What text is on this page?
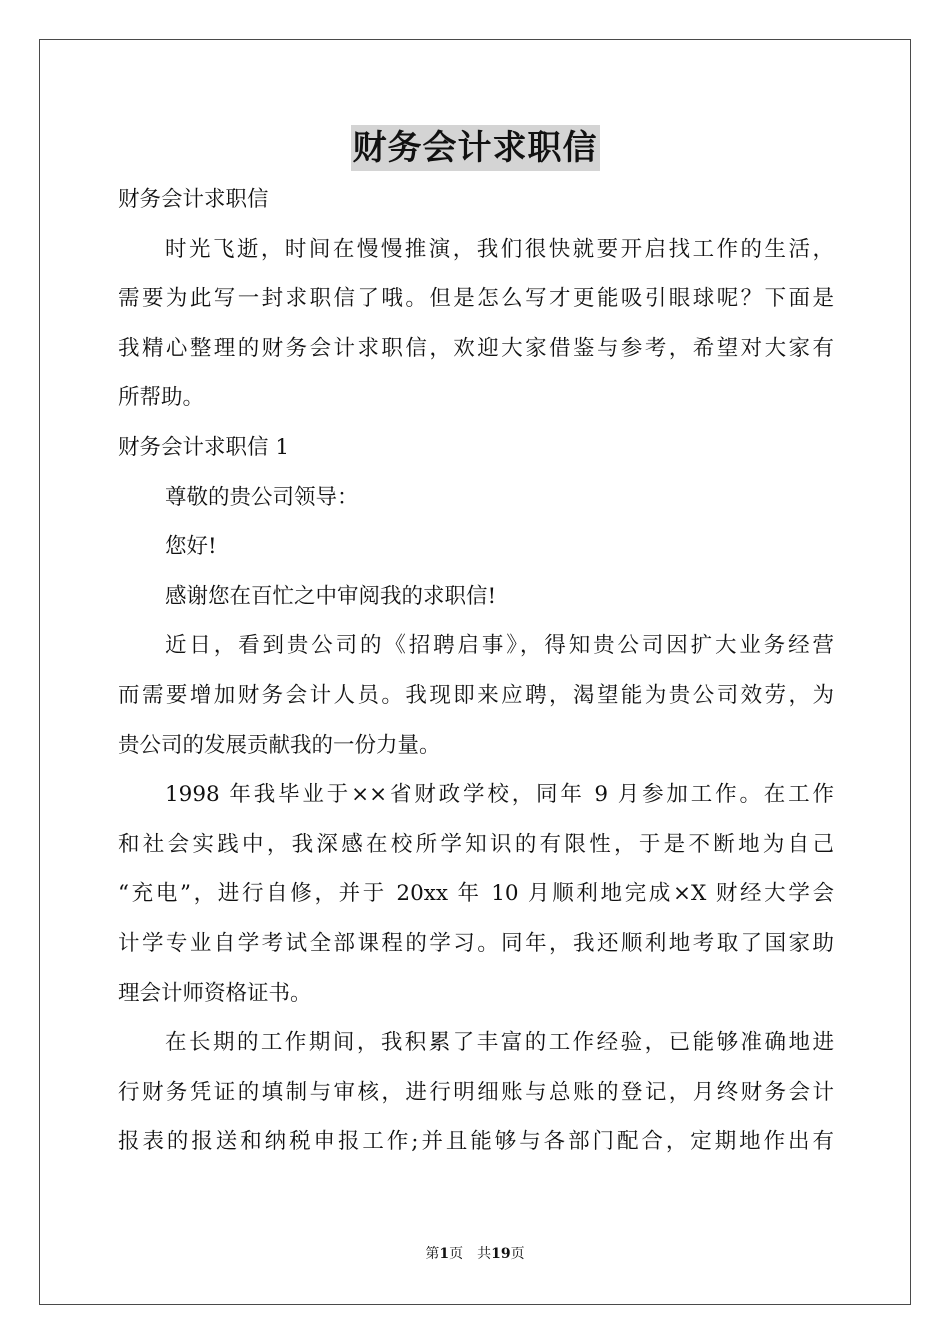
财务会计求职信
财务会计求职信
时光飞逝，时间在慢慢推演，我们很快就要开启找工作的生活，
需要为此写一封求职信了哦。但是怎么写才更能吸引眼球呢？下面是
我精心整理的财务会计求职信，欢迎大家借鉴与参考，希望对大家有
所帮助。
财务会计求职信 1
尊敬的贵公司领导：
您好!
感谢您在百忙之中审阅我的求职信!
近日，看到贵公司的《招聘启事》，得知贵公司因扩大业务经营
而需要增加财务会计人员。我现即来应聘，渴望能为贵公司效劳，为
贵公司的发展贡献我的一份力量。
1998 年我毕业于××省财政学校，同年 9 月参加工作。在工作
和社会实践中，我深感在校所学知识的有限性，于是不断地为自己
“充电”，进行自修，并于 20xx 年 10 月顺利地完成×X 财经大学会
计学专业自学考试全部课程的学习。同年，我还顺利地考取了国家助
理会计师资格证书。
在长期的工作期间，我积累了丰富的工作经验，已能够准确地进
行财务凭证的填制与审核，进行明细账与总账的登记，月终财务会计
报表的报送和纳税申报工作;并且能够与各部门配合，定期地作出有
第1页 共19页
